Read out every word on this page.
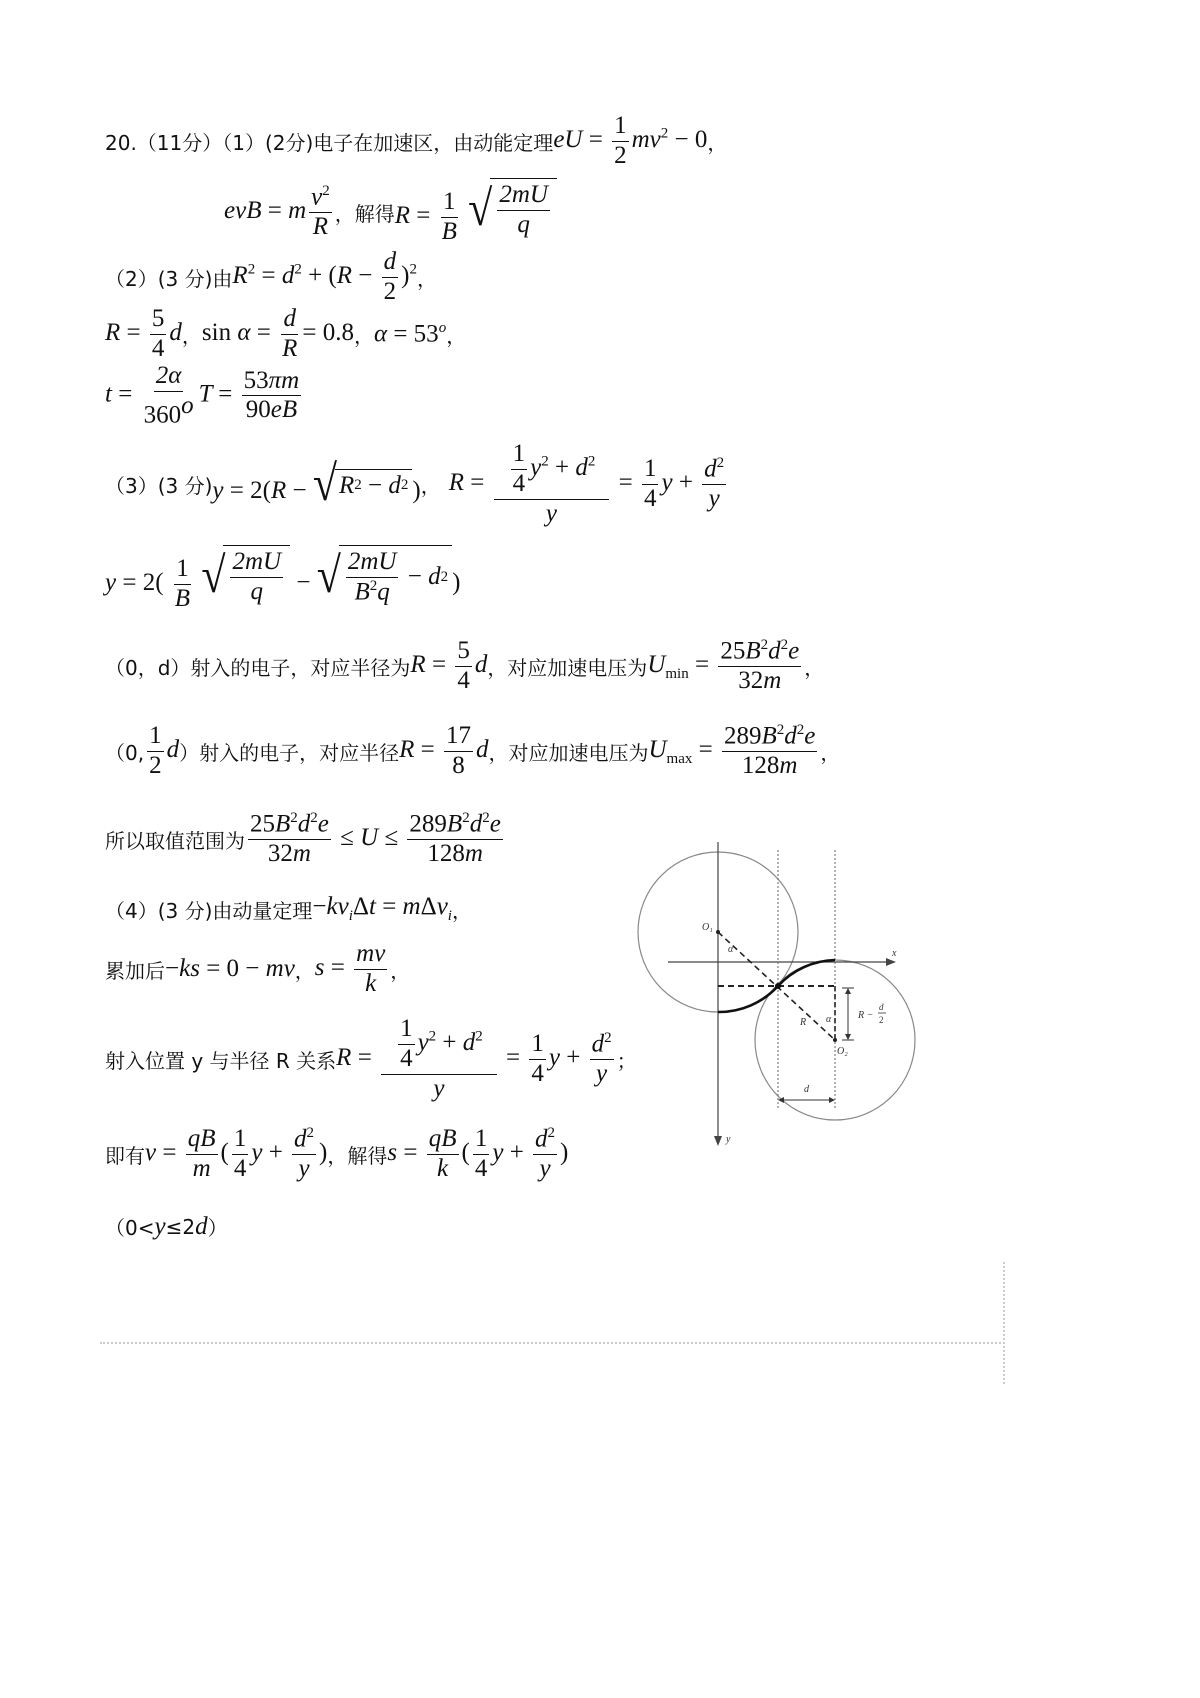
20.（11分）（1）(2分)电子在加速区，由动能定理 eU = $\frac{1}{2} mv^2 - 0$ ，
evB = m $\frac{v^2}{R}$ ， 解得 $R = \frac{1}{B}$
√ $\frac{2mU}{q}$
（2）(3 分)由 $R^2 = d^2 + (R - \frac{d}{2} )^2$ ，
$R = \frac{5}{4}$ d ， $\sin \alpha = \frac{d}{R} = 0.8$ ， $\alpha = 53^o$ ，
$t = \frac{2\alpha}{360^o}$ $T = \frac{53\pi m}{90eB}$
（3）(3 分) y = 2(R − √ R 2 − d 2 ) ， $R = \frac{\frac{1}{4} y^2 + d^2}{y} = \frac{1}{4}$ $y + \frac{d^2}{y}$
$y = 2( \frac{1}{B}$
√ $\frac{2mU}{q}$ − √ $\frac{2mU}{B^2q} - d$ 2 )
（0，d）射入的电子，对应半径为 $R = \frac{5}{4}$ d ，对应加速电压为 $U_{min} = \frac{25B^2d^2e}{32m}$ ，
（0, $\frac{1}{2}$ d ）射入的电子，对应半径 $R = \frac{17}{8}$ d ，对应加速电压为 $U_{max} = \frac{289B^2d^2e}{128m}$ ，
所以取值范围为 $\frac{25B^2d^2e}{32m} \le U \le \frac{289B^2d^2e}{128m}$
（4）(3 分)由动量定理 $-kv_i\Delta t = m\Delta v_i$ ，
累加后 −ks = 0 − mv ， $s = \frac{mv}{k}$ ，
射入位置 y 与半径 R 关系 $R = \frac{\frac{1}{4} y^2 + d^2}{y} = \frac{1}{4}$ $y + \frac{d^2}{y}$ ；
即有 $v = \frac{qB}{m}$ ( $\frac{1}{4}$ $y + \frac{d^2}{y}$ ) ， 解得 $s = \frac{qB}{k}$ ( $\frac{1}{4}$ $y + \frac{d^2}{y}$ )
（0< y ≤2 d ）
O₁
O₂
α
α
R
d
x
y
R −
d
2
